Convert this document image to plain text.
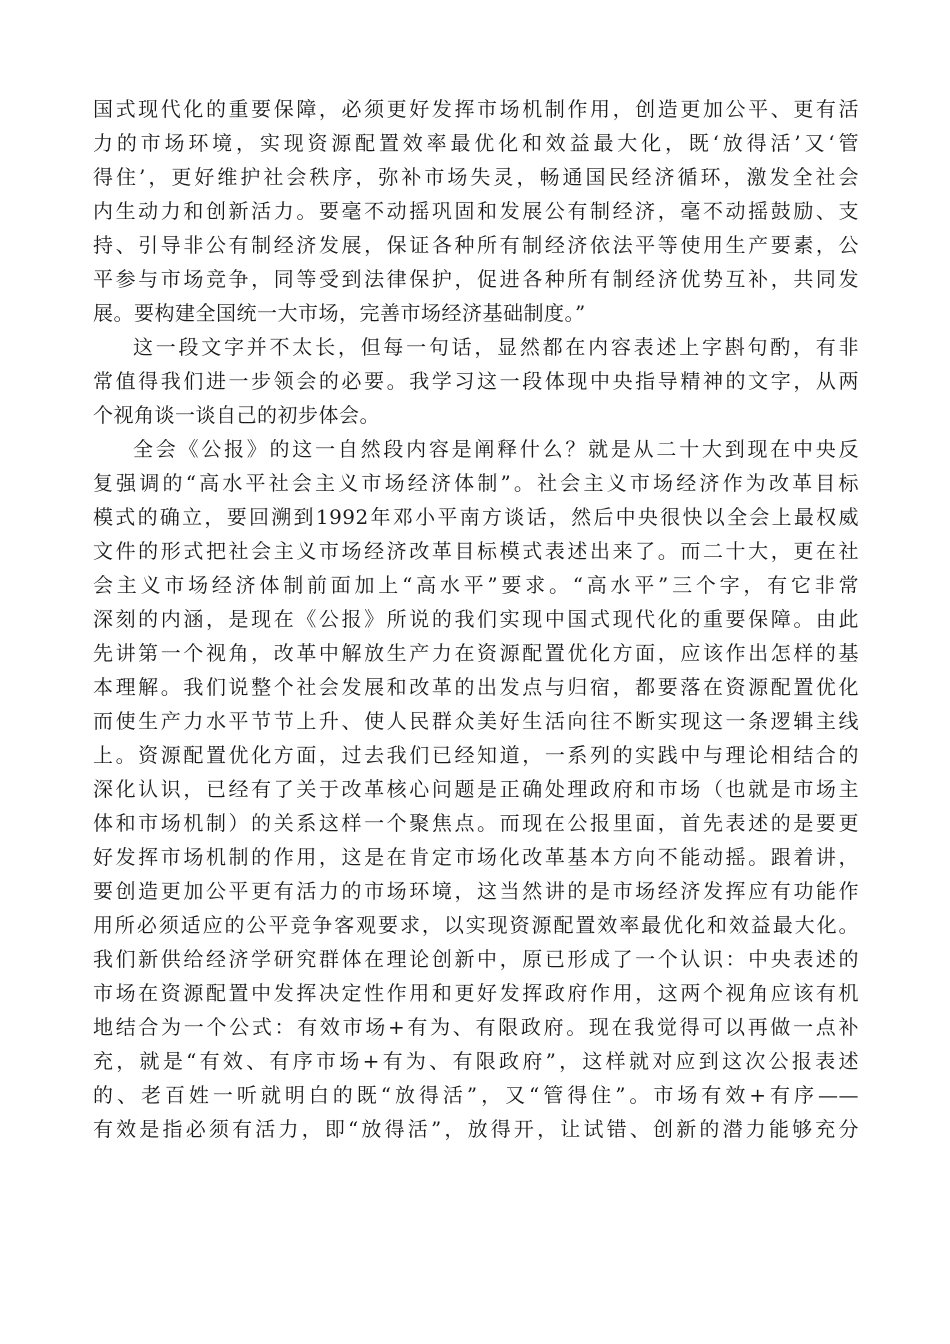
国式现代化的重要保障，必须更好发挥市场机制作用，创造更加公平、更有活
力的市场环境，实现资源配置效率最优化和效益最大化，既‘放得活’又‘管
得住’，更好维护社会秩序，弥补市场失灵，畅通国民经济循环，激发全社会
内生动力和创新活力。要毫不动摇巩固和发展公有制经济，毫不动摇鼓励、支
持、引导非公有制经济发展，保证各种所有制经济依法平等使用生产要素，公
平参与市场竞争，同等受到法律保护，促进各种所有制经济优势互补，共同发
展。要构建全国统一大市场，完善市场经济基础制度。”
这一段文字并不太长，但每一句话，显然都在内容表述上字斟句酌，有非
常值得我们进一步领会的必要。我学习这一段体现中央指导精神的文字，从两
个视角谈一谈自己的初步体会。
全会《公报》的这一自然段内容是阐释什么？就是从二十大到现在中央反
复强调的“高水平社会主义市场经济体制”。社会主义市场经济作为改革目标
模式的确立，要回溯到1992年邓小平南方谈话，然后中央很快以全会上最权威
文件的形式把社会主义市场经济改革目标模式表述出来了。而二十大，更在社
会主义市场经济体制前面加上“高水平”要求。“高水平”三个字，有它非常
深刻的内涵，是现在《公报》所说的我们实现中国式现代化的重要保障。由此
先讲第一个视角，改革中解放生产力在资源配置优化方面，应该作出怎样的基
本理解。我们说整个社会发展和改革的出发点与归宿，都要落在资源配置优化
而使生产力水平节节上升、使人民群众美好生活向往不断实现这一条逻辑主线
上。资源配置优化方面，过去我们已经知道，一系列的实践中与理论相结合的
深化认识，已经有了关于改革核心问题是正确处理政府和市场（也就是市场主
体和市场机制）的关系这样一个聚焦点。而现在公报里面，首先表述的是要更
好发挥市场机制的作用，这是在肯定市场化改革基本方向不能动摇。跟着讲，
要创造更加公平更有活力的市场环境，这当然讲的是市场经济发挥应有功能作
用所必须适应的公平竞争客观要求，以实现资源配置效率最优化和效益最大化。
我们新供给经济学研究群体在理论创新中，原已形成了一个认识：中央表述的
市场在资源配置中发挥决定性作用和更好发挥政府作用，这两个视角应该有机
地结合为一个公式：有效市场+有为、有限政府。现在我觉得可以再做一点补
充，就是“有效、有序市场+有为、有限政府”，这样就对应到这次公报表述
的、老百姓一听就明白的既“放得活”，又“管得住”。市场有效+有序——
有效是指必须有活力，即“放得活”，放得开，让试错、创新的潜力能够充分
